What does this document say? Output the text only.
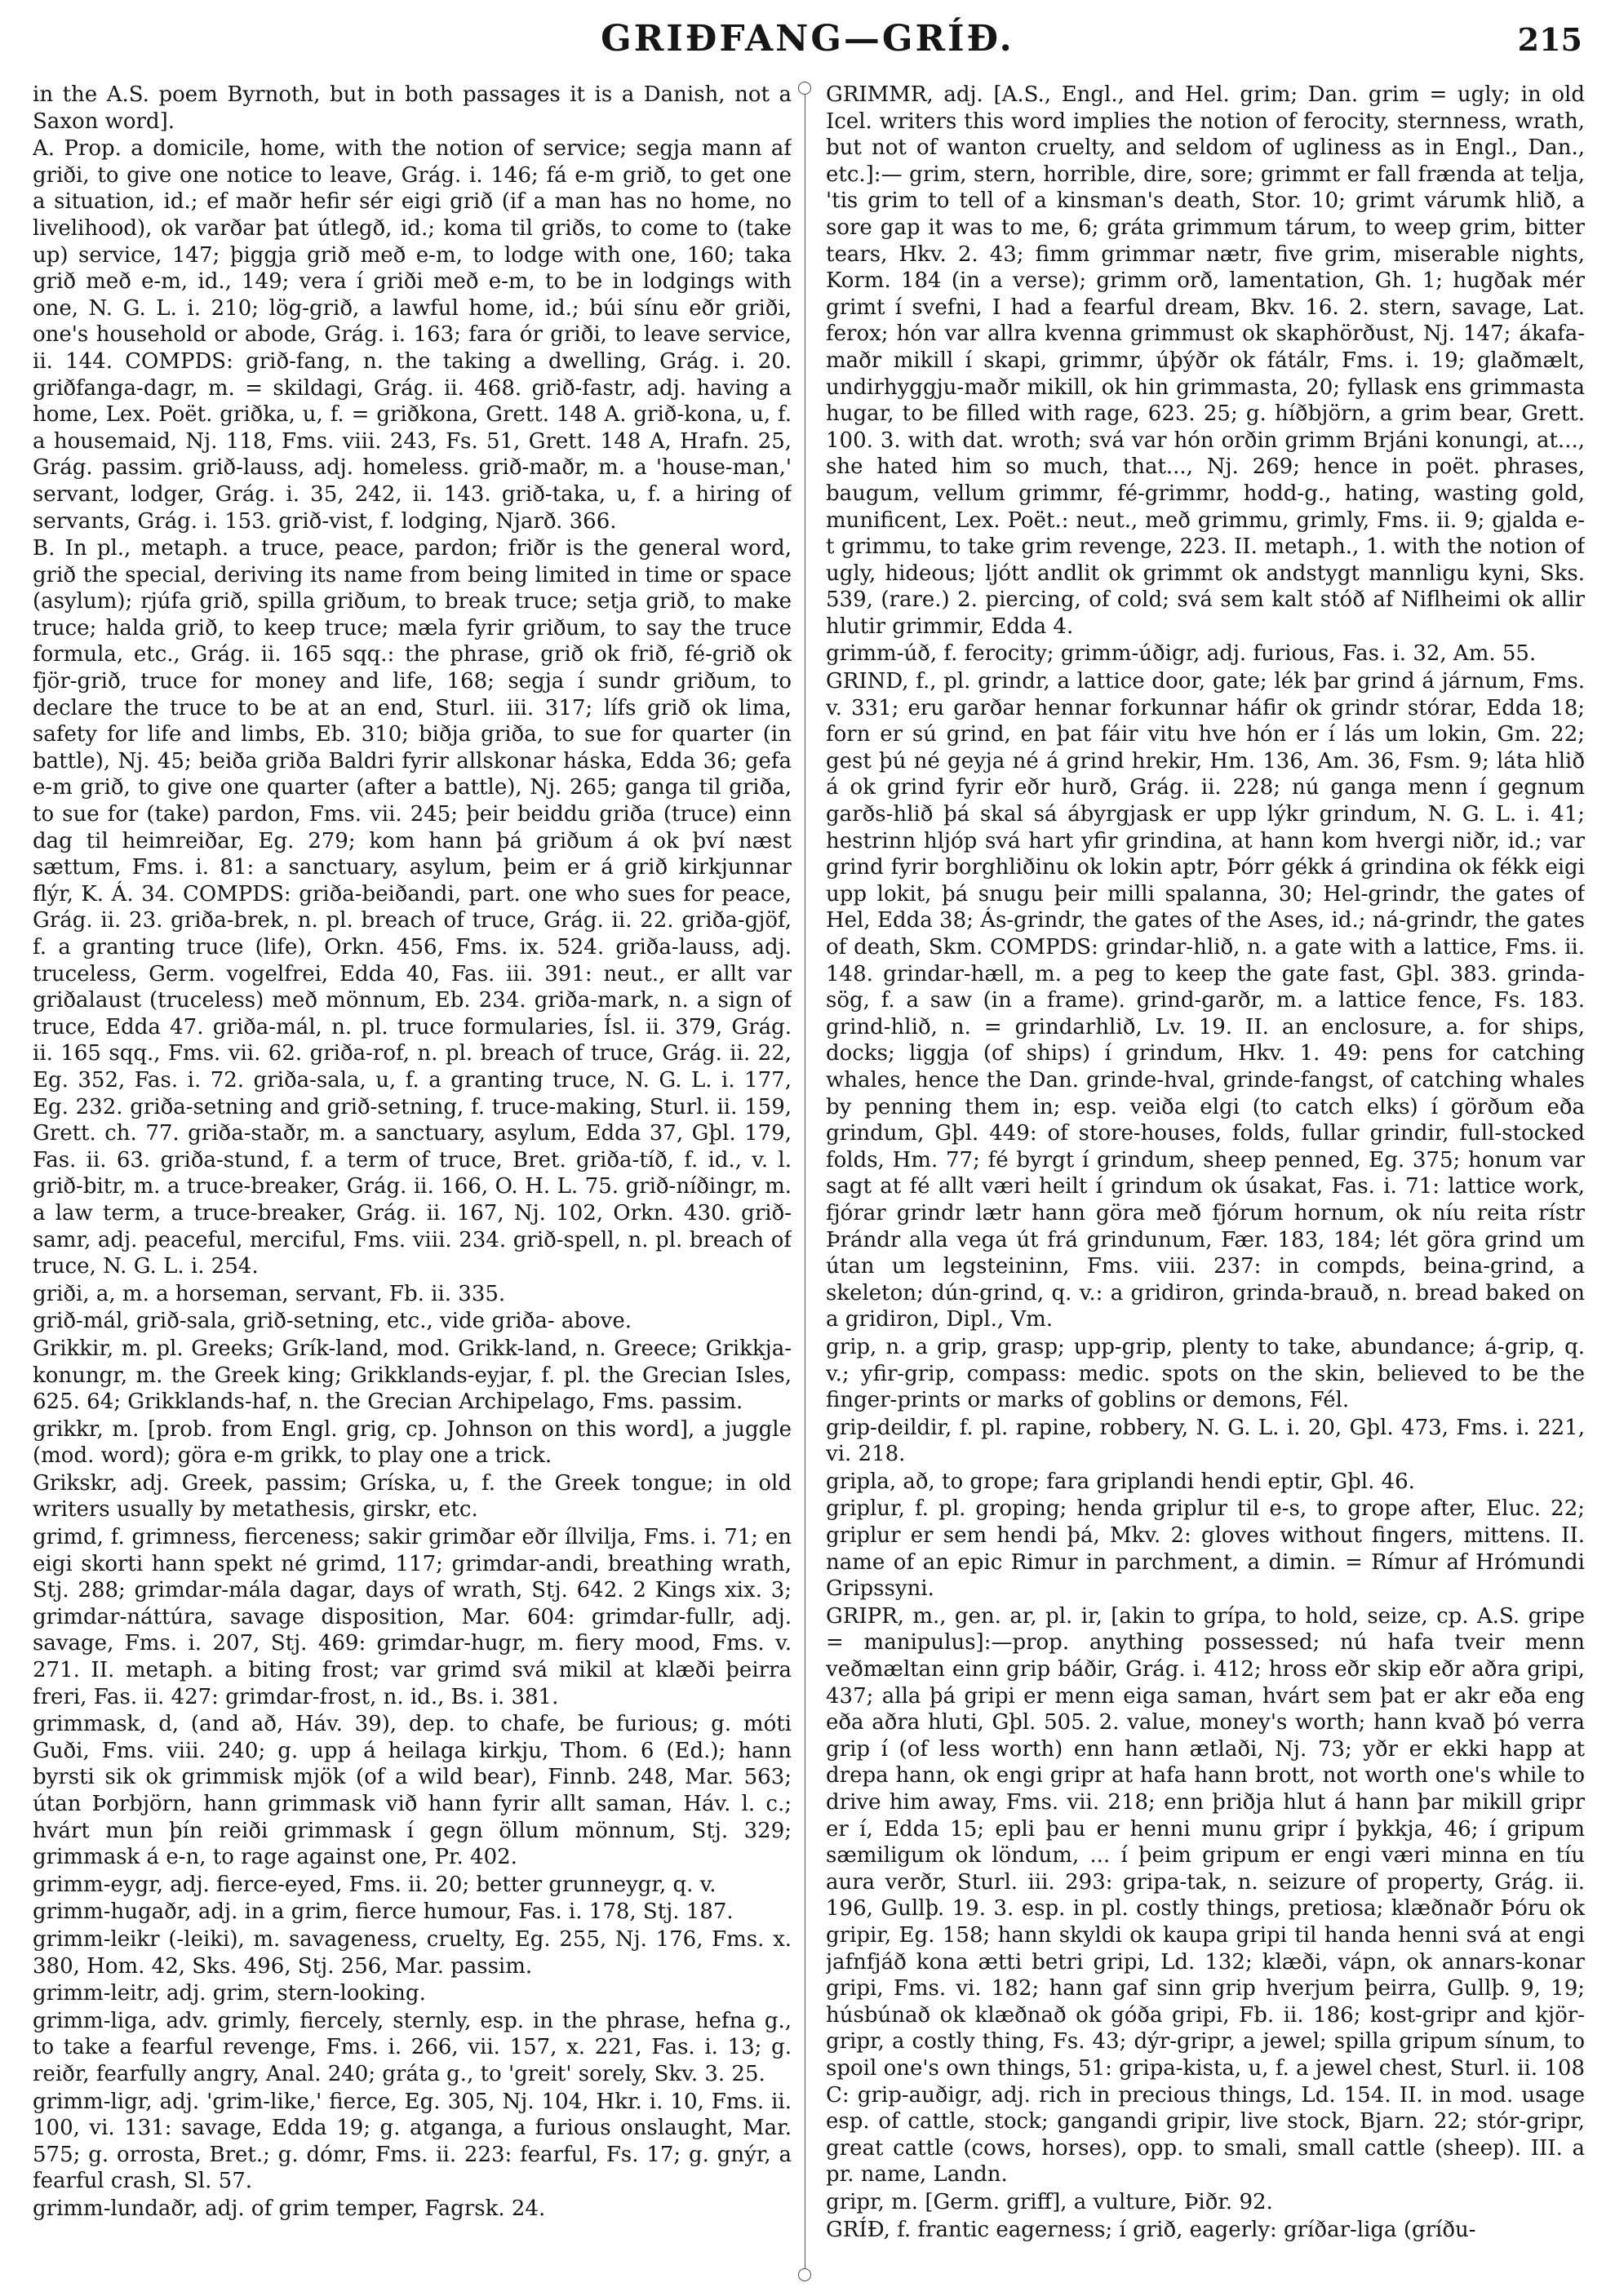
GRIÐFANG—GRÍÐ.	215

in the A.S. poem Byrnoth, but in both passages it is a Danish, not a Saxon word].

A. Prop. a domicile, home, with the notion of service; segja mann af griði, to give one notice to leave, Grág. i. 146; fá e-m grið, to get one a situation, id.; ef maðr hefir sér eigi grið (if a man has no home, no livelihood), ok varðar þat útlegð, id.; koma til griðs, to come to (take up) service, 147; þiggja grið með e-m, to lodge with one, 160; taka grið með e-m, id., 149; vera í griði með e-m, to be in lodgings with one, N. G. L. i. 210; lög-grið, a lawful home, id.; búi sínu eðr griði, one's household or abode, Grág. i. 163; fara ór griði, to leave service, ii. 144. COMPDS: grið-fang, n. the taking a dwelling, Grág. i. 20. griðfanga-dagr, m. = skildagi, Grág. ii. 468. grið-fastr, adj. having a home, Lex. Poët. griðka, u, f. = griðkona, Grett. 148 A. grið-kona, u, f. a housemaid, Nj. 118, Fms. viii. 243, Fs. 51, Grett. 148 A, Hrafn. 25, Grág. passim. grið-lauss, adj. homeless. grið-maðr, m. a 'house-man,' servant, lodger, Grág. i. 35, 242, ii. 143. grið-taka, u, f. a hiring of servants, Grág. i. 153. grið-vist, f. lodging, Njarð. 366.

B. In pl., metaph. a truce, peace, pardon; friðr is the general word, grið the special, deriving its name from being limited in time or space (asylum); rjúfa grið, spilla griðum, to break truce; setja grið, to make truce; halda grið, to keep truce; mæla fyrir griðum, to say the truce formula, etc., Grág. ii. 165 sqq.: the phrase, grið ok frið, fé-grið ok fjör-grið, truce for money and life, 168; segja í sundr griðum, to declare the truce to be at an end, Sturl. iii. 317; lífs grið ok lima, safety for life and limbs, Eb. 310; biðja griða, to sue for quarter (in battle), Nj. 45; beiða griða Baldri fyrir allskonar háska, Edda 36; gefa e-m grið, to give one quarter (after a battle), Nj. 265; ganga til griða, to sue for (take) pardon, Fms. vii. 245; þeir beiddu griða (truce) einn dag til heimreiðar, Eg. 279; kom hann þá griðum á ok því næst sættum, Fms. i. 81: a sanctuary, asylum, þeim er á grið kirkjunnar flýr, K. Á. 34. COMPDS: griða-beiðandi, part. one who sues for peace, Grág. ii. 23. griða-brek, n. pl. breach of truce, Grág. ii. 22. griða-gjöf, f. a granting truce (life), Orkn. 456, Fms. ix. 524. griða-lauss, adj. truceless, Germ. vogelfrei, Edda 40, Fas. iii. 391: neut., er allt var griðalaust (truceless) með mönnum, Eb. 234. griða-mark, n. a sign of truce, Edda 47. griða-mál, n. pl. truce formularies, Ísl. ii. 379, Grág. ii. 165 sqq., Fms. vii. 62. griða-rof, n. pl. breach of truce, Grág. ii. 22, Eg. 352, Fas. i. 72. griða-sala, u, f. a granting truce, N. G. L. i. 177, Eg. 232. griða-setning and grið-setning, f. truce-making, Sturl. ii. 159, Grett. ch. 77. griða-staðr, m. a sanctuary, asylum, Edda 37, Gþl. 179, Fas. ii. 63. griða-stund, f. a term of truce, Bret. griða-tíð, f. id., v. l. grið-bitr, m. a truce-breaker, Grág. ii. 166, O. H. L. 75. grið-níðingr, m. a law term, a truce-breaker, Grág. ii. 167, Nj. 102, Orkn. 430. grið-samr, adj. peaceful, merciful, Fms. viii. 234. grið-spell, n. pl. breach of truce, N. G. L. i. 254.

griði, a, m. a horseman, servant, Fb. ii. 335.

grið-mál, grið-sala, grið-setning, etc., vide griða- above.

Grikkir, m. pl. Greeks; Grík-land, mod. Grikk-land, n. Greece; Grikkja-konungr, m. the Greek king; Grikklands-eyjar, f. pl. the Grecian Isles, 625. 64; Grikklands-haf, n. the Grecian Archipelago, Fms. passim.

grikkr, m. [prob. from Engl. grig, cp. Johnson on this word], a juggle (mod. word); göra e-m grikk, to play one a trick.

Grikskr, adj. Greek, passim; Gríska, u, f. the Greek tongue; in old writers usually by metathesis, girskr, etc.

grimd, f. grimness, fierceness; sakir grimðar eðr íllvilja, Fms. i. 71; en eigi skorti hann spekt né grimd, 117; grimdar-andi, breathing wrath, Stj. 288; grimdar-mála dagar, days of wrath, Stj. 642. 2 Kings xix. 3; grimdar-náttúra, savage disposition, Mar. 604: grimdar-fullr, adj. savage, Fms. i. 207, Stj. 469: grimdar-hugr, m. fiery mood, Fms. v. 271. II. metaph. a biting frost; var grimd svá mikil at klæði þeirra freri, Fas. ii. 427: grimdar-frost, n. id., Bs. i. 381.

grimmask, d, (and að, Háv. 39), dep. to chafe, be furious; g. móti Guði, Fms. viii. 240; g. upp á heilaga kirkju, Thom. 6 (Ed.); hann byrsti sik ok grimmisk mjök (of a wild bear), Finnb. 248, Mar. 563; útan Þorbjörn, hann grimmask við hann fyrir allt saman, Háv. l. c.; hvárt mun þín reiði grimmask í gegn öllum mönnum, Stj. 329; grimmask á e-n, to rage against one, Pr. 402.

grimm-eygr, adj. fierce-eyed, Fms. ii. 20; better grunneygr, q. v.

grimm-hugaðr, adj. in a grim, fierce humour, Fas. i. 178, Stj. 187.

grimm-leikr (-leiki), m. savageness, cruelty, Eg. 255, Nj. 176, Fms. x. 380, Hom. 42, Sks. 496, Stj. 256, Mar. passim.

grimm-leitr, adj. grim, stern-looking.

grimm-liga, adv. grimly, fiercely, sternly, esp. in the phrase, hefna g., to take a fearful revenge, Fms. i. 266, vii. 157, x. 221, Fas. i. 13; g. reiðr, fearfully angry, Anal. 240; gráta g., to 'greit' sorely, Skv. 3. 25.

grimm-ligr, adj. 'grim-like,' fierce, Eg. 305, Nj. 104, Hkr. i. 10, Fms. ii. 100, vi. 131: savage, Edda 19; g. atganga, a furious onslaught, Mar. 575; g. orrosta, Bret.; g. dómr, Fms. ii. 223: fearful, Fs. 17; g. gnýr, a fearful crash, Sl. 57.

grimm-lundaðr, adj. of grim temper, Fagrsk. 24.

GRIMMR, adj. [A.S., Engl., and Hel. grim; Dan. grim = ugly; in old Icel. writers this word implies the notion of ferocity, sternness, wrath, but not of wanton cruelty, and seldom of ugliness as in Engl., Dan., etc.]:— grim, stern, horrible, dire, sore; grimmt er fall frænda at telja, 'tis grim to tell of a kinsman's death, Stor. 10; grimt várumk hlið, a sore gap it was to me, 6; gráta grimmum tárum, to weep grim, bitter tears, Hkv. 2. 43; fimm grimmar nætr, five grim, miserable nights, Korm. 184 (in a verse); grimm orð, lamentation, Gh. 1; hugðak mér grimt í svefni, I had a fearful dream, Bkv. 16. 2. stern, savage, Lat. ferox; hón var allra kvenna grimmust ok skaphörðust, Nj. 147; ákafa-maðr mikill í skapi, grimmr, úþýðr ok fátálr, Fms. i. 19; glaðmælt, undirhyggju-maðr mikill, ok hin grimmasta, 20; fyllask ens grimmasta hugar, to be filled with rage, 623. 25; g. híðbjörn, a grim bear, Grett. 100. 3. with dat. wroth; svá var hón orðin grimm Brjáni konungi, at..., she hated him so much, that..., Nj. 269; hence in poët. phrases, baugum, vellum grimmr, fé-grimmr, hodd-g., hating, wasting gold, munificent, Lex. Poët.: neut., með grimmu, grimly, Fms. ii. 9; gjalda e-t grimmu, to take grim revenge, 223. II. metaph., 1. with the notion of ugly, hideous; ljótt andlit ok grimmt ok andstygt mannligu kyni, Sks. 539, (rare.) 2. piercing, of cold; svá sem kalt stóð af Niflheimi ok allir hlutir grimmir, Edda 4.

grimm-úð, f. ferocity; grimm-úðigr, adj. furious, Fas. i. 32, Am. 55.

GRIND, f., pl. grindr, a lattice door, gate; lék þar grind á járnum, Fms. v. 331; eru garðar hennar forkunnar háfir ok grindr stórar, Edda 18; forn er sú grind, en þat fáir vitu hve hón er í lás um lokin, Gm. 22; gest þú né geyja né á grind hrekir, Hm. 136, Am. 36, Fsm. 9; láta hlið á ok grind fyrir eðr hurð, Grág. ii. 228; nú ganga menn í gegnum garðs-hlið þá skal sá ábyrgjask er upp lýkr grindum, N. G. L. i. 41; hestrinn hljóp svá hart yfir grindina, at hann kom hvergi niðr, id.; var grind fyrir borghliðinu ok lokin aptr, Þórr gékk á grindina ok fékk eigi upp lokit, þá snugu þeir milli spalanna, 30; Hel-grindr, the gates of Hel, Edda 38; Ás-grindr, the gates of the Ases, id.; ná-grindr, the gates of death, Skm. COMPDS: grindar-hlið, n. a gate with a lattice, Fms. ii. 148. grindar-hæll, m. a peg to keep the gate fast, Gþl. 383. grinda-sög, f. a saw (in a frame). grind-garðr, m. a lattice fence, Fs. 183. grind-hlið, n. = grindarhlið, Lv. 19. II. an enclosure, a. for ships, docks; liggja (of ships) í grindum, Hkv. 1. 49: pens for catching whales, hence the Dan. grinde-hval, grinde-fangst, of catching whales by penning them in; esp. veiða elgi (to catch elks) í görðum eða grindum, Gþl. 449: of store-houses, folds, fullar grindir, full-stocked folds, Hm. 77; fé byrgt í grindum, sheep penned, Eg. 375; honum var sagt at fé allt væri heilt í grindum ok úsakat, Fas. i. 71: lattice work, fjórar grindr lætr hann göra með fjórum hornum, ok níu reita rístr Þrándr alla vega út frá grindunum, Fær. 183, 184; lét göra grind um útan um legsteininn, Fms. viii. 237: in compds, beina-grind, a skeleton; dún-grind, q. v.: a gridiron, grinda-brauð, n. bread baked on a gridiron, Dipl., Vm.

grip, n. a grip, grasp; upp-grip, plenty to take, abundance; á-grip, q. v.; yfir-grip, compass: medic. spots on the skin, believed to be the finger-prints or marks of goblins or demons, Fél.

grip-deildir, f. pl. rapine, robbery, N. G. L. i. 20, Gþl. 473, Fms. i. 221, vi. 218.

gripla, að, to grope; fara griplandi hendi eptir, Gþl. 46.

griplur, f. pl. groping; henda griplur til e-s, to grope after, Eluc. 22; griplur er sem hendi þá, Mkv. 2: gloves without fingers, mittens. II. name of an epic Rimur in parchment, a dimin. = Rímur af Hrómundi Gripssyni.

GRIPR, m., gen. ar, pl. ir, [akin to grípa, to hold, seize, cp. A.S. gripe = manipulus]:—prop. anything possessed; nú hafa tveir menn veðmæltan einn grip báðir, Grág. i. 412; hross eðr skip eðr aðra gripi, 437; alla þá gripi er menn eiga saman, hvárt sem þat er akr eða eng eða aðra hluti, Gþl. 505. 2. value, money's worth; hann kvað þó verra grip í (of less worth) enn hann ætlaði, Nj. 73; yðr er ekki happ at drepa hann, ok engi gripr at hafa hann brott, not worth one's while to drive him away, Fms. vii. 218; enn þriðja hlut á hann þar mikill gripr er í, Edda 15; epli þau er henni munu gripr í þykkja, 46; í gripum sæmiligum ok löndum, ... í þeim gripum er engi væri minna en tíu aura verðr, Sturl. iii. 293: gripa-tak, n. seizure of property, Grág. ii. 196, Gullþ. 19. 3. esp. in pl. costly things, pretiosa; klæðnaðr Þóru ok gripir, Eg. 158; hann skyldi ok kaupa gripi til handa henni svá at engi jafnfjáð kona ætti betri gripi, Ld. 132; klæði, vápn, ok annars-konar gripi, Fms. vi. 182; hann gaf sinn grip hverjum þeirra, Gullþ. 9, 19; húsbúnað ok klæðnað ok góða gripi, Fb. ii. 186; kost-gripr and kjör-gripr, a costly thing, Fs. 43; dýr-gripr, a jewel; spilla gripum sínum, to spoil one's own things, 51: gripa-kista, u, f. a jewel chest, Sturl. ii. 108 C: grip-auðigr, adj. rich in precious things, Ld. 154. II. in mod. usage esp. of cattle, stock; gangandi gripir, live stock, Bjarn. 22; stór-gripr, great cattle (cows, horses), opp. to smali, small cattle (sheep). III. a pr. name, Landn.

gripr, m. [Germ. griff], a vulture, Þiðr. 92.

GRÍÐ, f. frantic eagerness; í grið, eagerly: gríðar-liga (gríðu-
